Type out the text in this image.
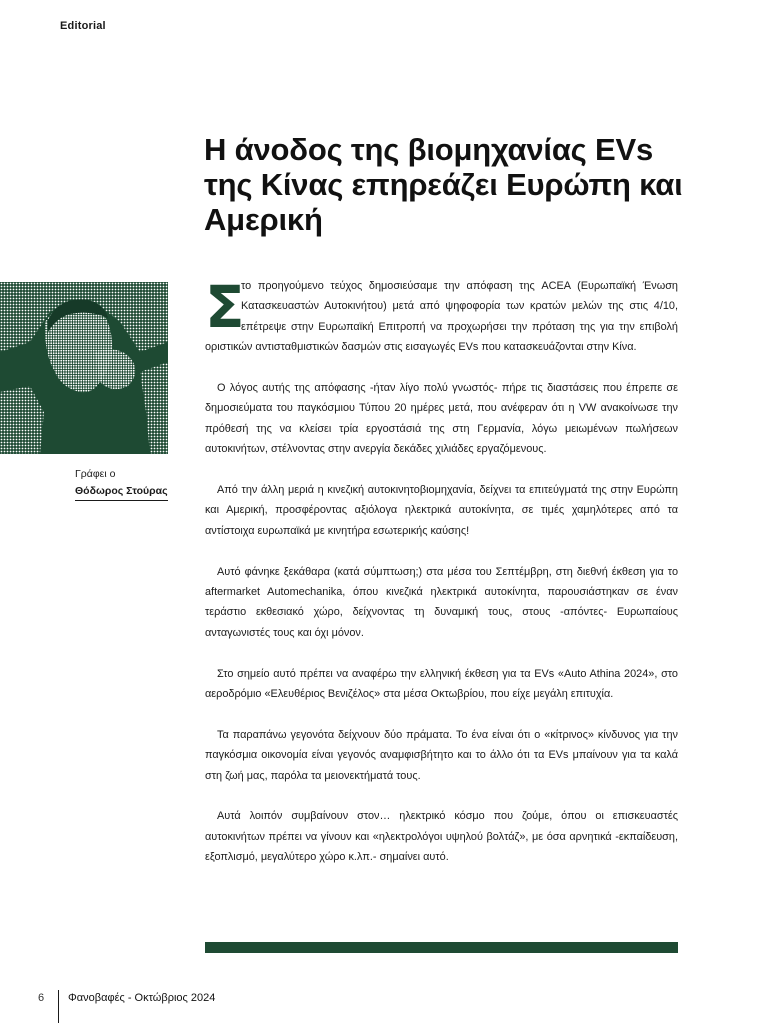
Editorial
Η άνοδος της βιομηχανίας EVs της Κίνας επηρεάζει Ευρώπη και Αμερική
Γράφει ο
Θόδωρος Στούρας

Σ
το προηγούμενο τεύχος δημοσιεύσαμε την απόφαση της ACEA (Ευρωπαϊκή Ένωση Κατασκευαστών Αυτοκινήτου) μετά από ψηφοφορία των κρατών μελών της στις 4/10, επέτρεψε στην Ευρωπαϊκή Επιτροπή να προχωρήσει την πρόταση της για την επιβολή οριστικών αντισταθμιστικών δασμών στις εισαγωγές EVs που κατασκευάζονται στην Κίνα.

Ο λόγος αυτής της απόφασης -ήταν λίγο πολύ γνωστός- πήρε τις διαστάσεις που έπρεπε σε δημοσιεύματα του παγκόσμιου Τύπου 20 ημέρες μετά, που ανέφεραν ότι η VW ανακοίνωσε την πρόθεσή της να κλείσει τρία εργοστάσιά της στη Γερμανία, λόγω μειωμένων πωλήσεων αυτοκινήτων, στέλνοντας στην ανεργία δεκάδες χιλιάδες εργαζόμενους.

Από την άλλη μεριά η κινεζική αυτοκινητοβιομηχανία, δείχνει τα επιτεύγματά της στην Ευρώπη και Αμερική, προσφέροντας αξιόλογα ηλεκτρικά αυτοκίνητα, σε τιμές χαμηλότερες από τα αντίστοιχα ευρωπαϊκά με κινητήρα εσωτερικής καύσης!

Αυτό φάνηκε ξεκάθαρα (κατά σύμπτωση;) στα μέσα του Σεπτέμβρη, στη διεθνή έκθεση για το aftermarket Automechanika, όπου κινεζικά ηλεκτρικά αυτοκίνητα, παρουσιάστηκαν σε έναν τεράστιο εκθεσιακό χώρο, δείχνοντας τη δυναμική τους, στους -απόντες- Ευρωπαίους ανταγωνιστές τους και όχι μόνον.

Στο σημείο αυτό πρέπει να αναφέρω την ελληνική έκθεση για τα EVs «Auto Athina 2024», στο αεροδρόμιο «Ελευθέριος Βενιζέλος» στα μέσα Οκτωβρίου, που είχε μεγάλη επιτυχία.

Τα παραπάνω γεγονότα δείχνουν δύο πράματα. Το ένα είναι ότι ο «κίτρινος» κίνδυνος για την παγκόσμια οικονομία είναι γεγονός αναμφισβήτητο και το άλλο ότι τα EVs μπαίνουν για τα καλά στη ζωή μας, παρόλα τα μειονεκτήματά τους.

Αυτά λοιπόν συμβαίνουν στον… ηλεκτρικό κόσμο που ζούμε, όπου οι επισκευαστές αυτοκινήτων πρέπει να γίνουν και «ηλεκτρολόγοι υψηλού βολτάζ», με όσα αρνητικά -εκπαίδευση, εξοπλισμό, μεγαλύτερο χώρο κ.λπ.- σημαίνει αυτό.

6 Φανοβαφές - Οκτώβριος 2024
